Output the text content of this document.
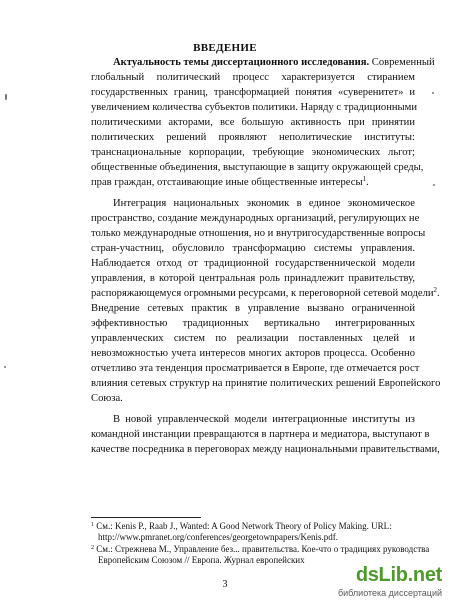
ВВЕДЕНИЕ
Актуальность темы диссертационного исследования. Современный
глобальный политический процесс характеризуется стиранием
государственных границ, трансформацией понятия «суверенитет» и
увеличением количества субъектов политики. Наряду с традиционными
политическими акторами, все большую активность при принятии
политических решений проявляют неполитические институты:
транснациональные корпорации, требующие экономических льгот;
общественные объединения, выступающие в защиту окружающей среды,
прав граждан, отстаивающие иные общественные интересы$^1$.
Интеграция национальных экономик в единое экономическое
пространство, создание международных организаций, регулирующих не
только международные отношения, но и внутригосударственные вопросы
стран-участниц, обусловило трансформацию системы управления.
Наблюдается отход от традиционной государственнической модели
управления, в которой центральная роль принадлежит правительству,
распоряжающемуся огромными ресурсами, к переговорной сетевой модели$^2$.
Внедрение сетевых практик в управление вызвано ограниченной
эффективностью традиционных вертикально интегрированных
управленческих систем по реализации поставленных целей и
невозможностью учета интересов многих акторов процесса. Особенно
отчетливо эта тенденция просматривается в Европе, где отмечается рост
влияния сетевых структур на принятие политических решений Европейского
Союза.
В новой управленческой модели интеграционные институты из
командной инстанции превращаются в партнера и медиатора, выступают в
качестве посредника в переговорах между национальными правительствами,
$^1$ См.: Kenis P., Raab J., Wanted: A Good Network Theory of Policy Making. URL:
http://www.pmranet.org/conferences/georgetownpapers/Kenis.pdf.
$^2$ См.: Стрежнева М., Управление без... правительства. Кое-что о традициях руководства
Европейским Союзом // Европа. Журнал европейских
3	dsLib.net
библиотека диссертаций
